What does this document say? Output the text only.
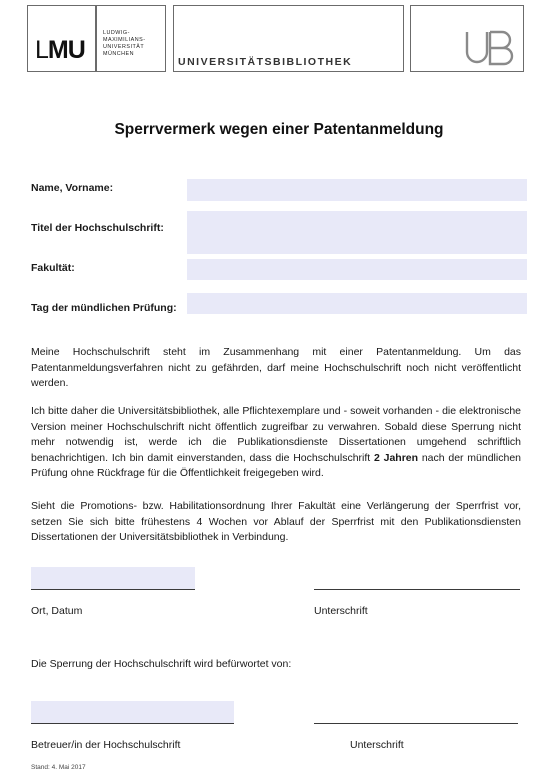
LMU
LUDWIG-
MAXIMILIANS-
UNIVERSITÄT
MÜNCHEN
UNIVERSITÄTSBIBLIOTHEK
Sperrvermerk wegen einer Patentanmeldung
Name, Vorname:
Titel der Hochschulschrift:
Fakultät:
Tag der mündlichen Prüfung:

Meine Hochschulschrift steht im Zusammenhang mit einer Patentanmeldung. Um das Patentanmeldungsverfahren nicht zu gefährden, darf meine Hochschulschrift noch nicht veröffentlicht werden.

Ich bitte daher die Universitätsbibliothek, alle Pflichtexemplare und - soweit vorhanden - die elektronische Version meiner Hochschulschrift nicht öffentlich zugreifbar zu verwahren. Sobald diese Sperrung nicht mehr notwendig ist, werde ich die Publikationsdienste Dissertationen umgehend schriftlich benachrichtigen. Ich bin damit einverstanden, dass die Hochschulschrift 2 Jahren nach der mündlichen Prüfung ohne Rückfrage für die Öffentlichkeit freigegeben wird.

Sieht die Promotions- bzw. Habilitationsordnung Ihrer Fakultät eine Verlängerung der Sperrfrist vor, setzen Sie sich bitte frühestens 4 Wochen vor Ablauf der Sperrfrist mit den Publikationsdiensten Dissertationen der Universitätsbibliothek in Verbindung.

Ort, Datum	Unterschrift
Die Sperrung der Hochschulschrift wird befürwortet von:
Betreuer/in der Hochschulschrift	Unterschrift
Stand: 4. Mai 2017
